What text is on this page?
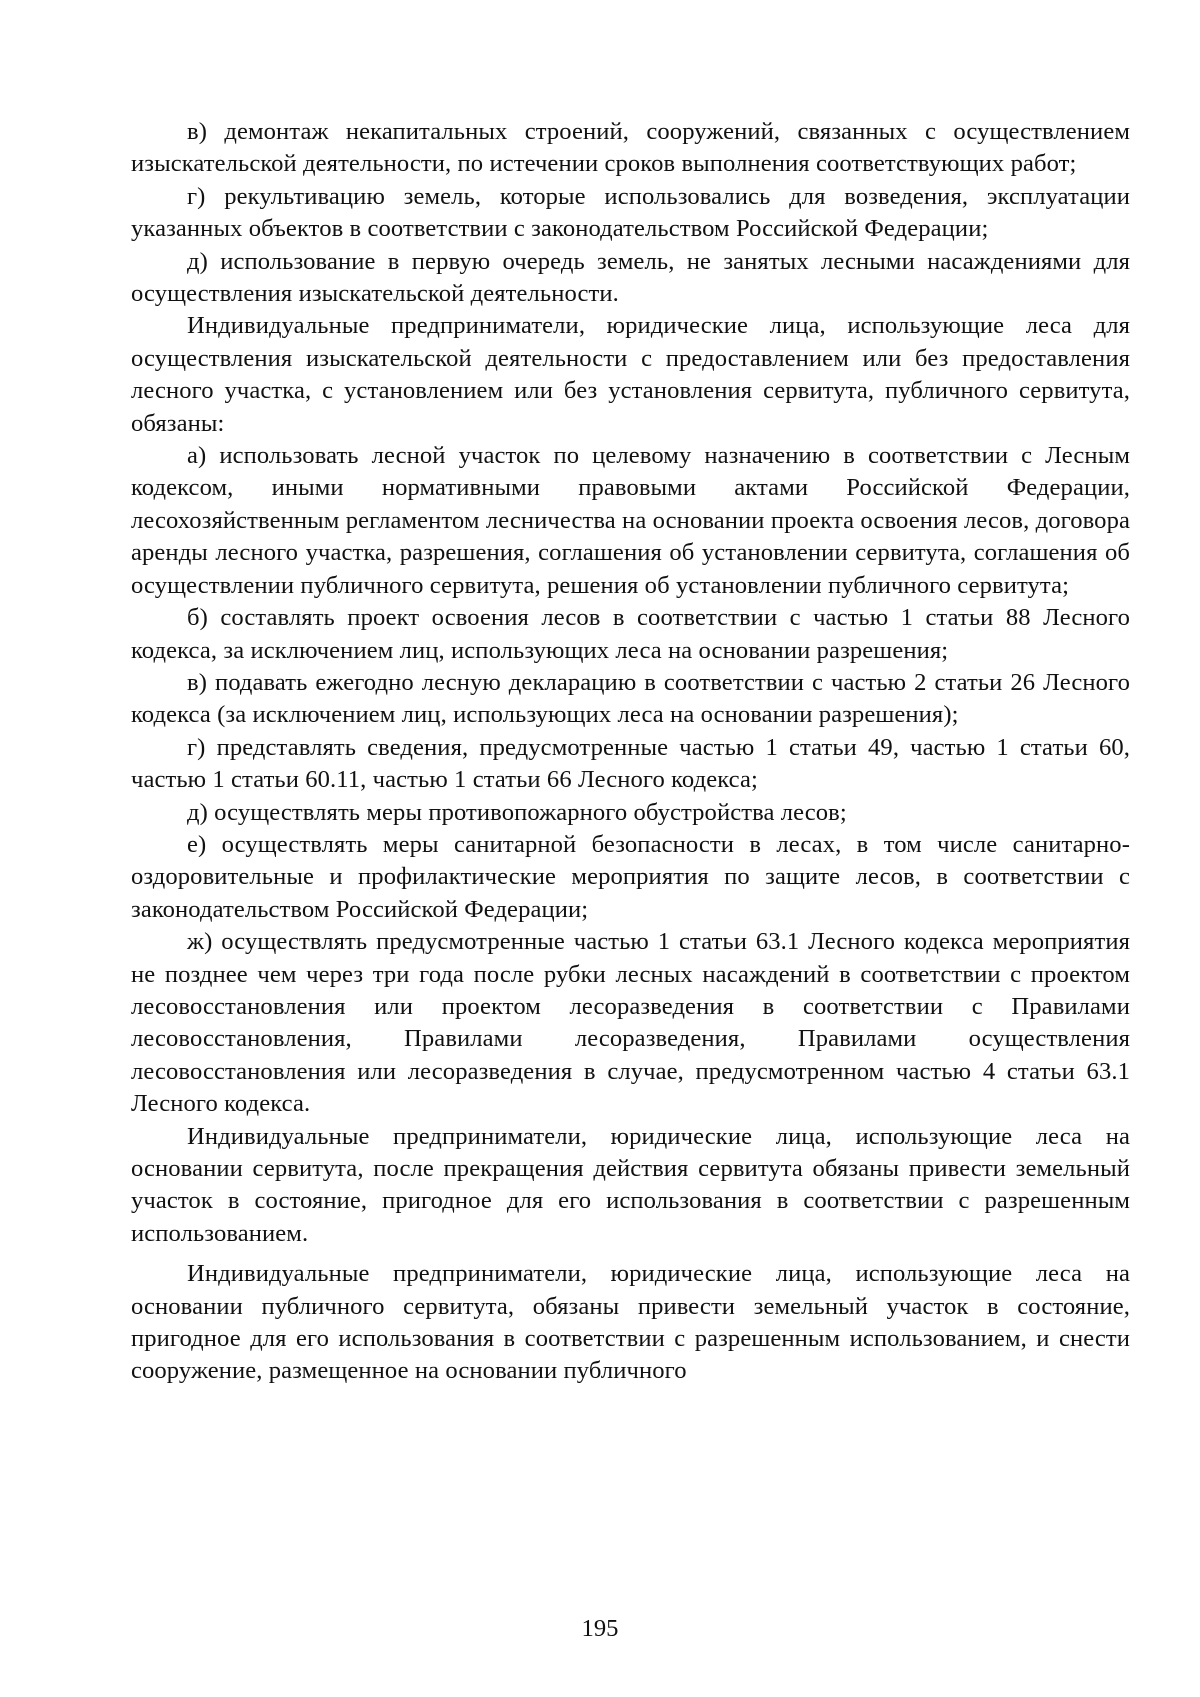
в) демонтаж некапитальных строений, сооружений, связанных с осуществлением изыскательской деятельности, по истечении сроков выполнения соответствующих работ;

г) рекультивацию земель, которые использовались для возведения, эксплуатации указанных объектов в соответствии с законодательством Российской Федерации;

д) использование в первую очередь земель, не занятых лесными насаждениями для осуществления изыскательской деятельности.

Индивидуальные предприниматели, юридические лица, использующие леса для осуществления изыскательской деятельности с предоставлением или без предоставления лесного участка, с установлением или без установления сервитута, публичного сервитута, обязаны:

а) использовать лесной участок по целевому назначению в соответствии с Лесным кодексом, иными нормативными правовыми актами Российской Федерации, лесохозяйственным регламентом лесничества на основании проекта освоения лесов, договора аренды лесного участка, разрешения, соглашения об установлении сервитута, соглашения об осуществлении публичного сервитута, решения об установлении публичного сервитута;

б) составлять проект освоения лесов в соответствии с частью 1 статьи 88 Лесного кодекса, за исключением лиц, использующих леса на основании разрешения;

в) подавать ежегодно лесную декларацию в соответствии с частью 2 статьи 26 Лесного кодекса (за исключением лиц, использующих леса на основании разрешения);

г) представлять сведения, предусмотренные частью 1 статьи 49, частью 1 статьи 60, частью 1 статьи 60.11, частью 1 статьи 66 Лесного кодекса;

д) осуществлять меры противопожарного обустройства лесов;

е) осуществлять меры санитарной безопасности в лесах, в том числе санитарно-оздоровительные и профилактические мероприятия по защите лесов, в соответствии с законодательством Российской Федерации;

ж) осуществлять предусмотренные частью 1 статьи 63.1 Лесного кодекса мероприятия не позднее чем через три года после рубки лесных насаждений в соответствии с проектом лесовосстановления или проектом лесоразведения в соответствии с Правилами лесовосстановления, Правилами лесоразведения, Правилами осуществления лесовосстановления или лесоразведения в случае, предусмотренном частью 4 статьи 63.1 Лесного кодекса.

Индивидуальные предприниматели, юридические лица, использующие леса на основании сервитута, после прекращения действия сервитута обязаны привести земельный участок в состояние, пригодное для его использования в соответствии с разрешенным использованием.

Индивидуальные предприниматели, юридические лица, использующие леса на основании публичного сервитута, обязаны привести земельный участок в состояние, пригодное для его использования в соответствии с разрешенным использованием, и снести сооружение, размещенное на основании публичного

195
